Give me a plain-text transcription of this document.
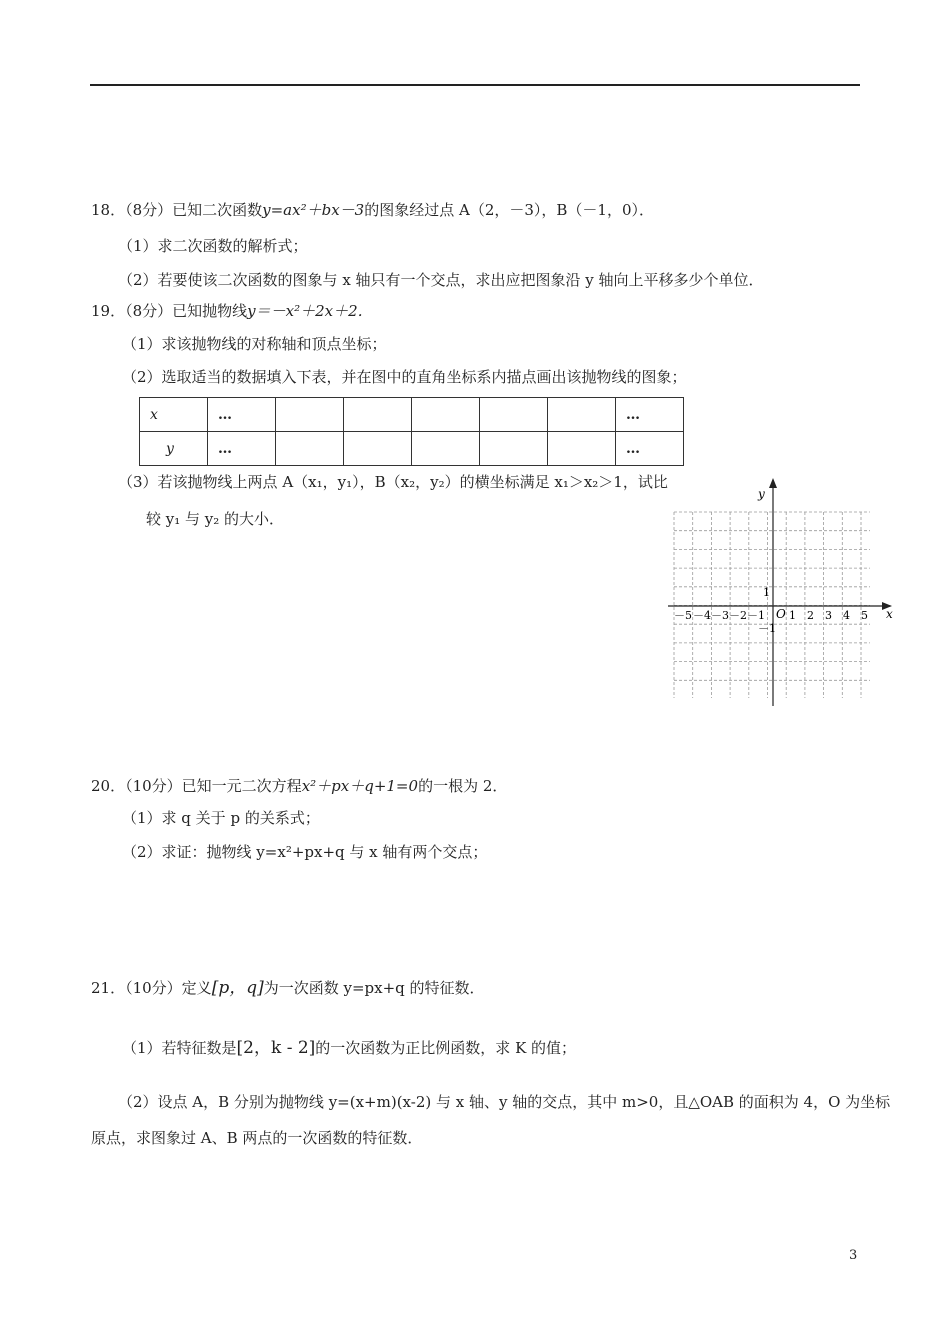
18．（8分）已知二次函数y=ax²＋bx－3的图象经过点 A（2，－3），B（－1，0）．
（1）求二次函数的解析式；
（2）若要使该二次函数的图象与 x 轴只有一个交点，求出应把图象沿 y 轴向上平移多少个单位．
19．（8分）已知抛物线y＝－x²＋2x＋2．
（1）求该抛物线的对称轴和顶点坐标；
（2）选取适当的数据填入下表，并在图中的直角坐标系内描点画出该抛物线的图象；
x	…						…
y	…						…
（3）若该抛物线上两点 A（x₁，y₁），B（x₂，y₂）的横坐标满足 x₁＞x₂＞1，试比
较 y₁ 与 y₂ 的大小．
x
y
O
1
－1
－5 －4 －3 －2 －1 1 2 3 4 5
20．（10分）已知一元二次方程x²＋px＋q+1=0的一根为 2．
（1）求 q 关于 p 的关系式；
（2）求证：抛物线 y=x²+px+q 与 x 轴有两个交点；
21．（10分）定义[p，q]为一次函数 y=px+q 的特征数．
（1）若特征数是[2，k - 2]的一次函数为正比例函数，求 K 的值；
（2）设点 A，B 分别为抛物线 y=(x+m)(x-2) 与 x 轴、y 轴的交点，其中 m>0，且△OAB 的面积为 4，O 为坐标
原点，求图象过 A、B 两点的一次函数的特征数．
3
